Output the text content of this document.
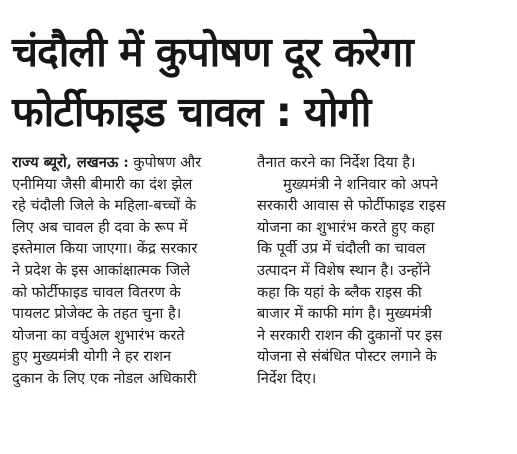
चंदौली में कुपोषण दूर करेगा
फोर्टीफाइड चावल : योगी
राज्य ब्यूरो, लखनऊ : कुपोषण और
एनीमिया जैसी बीमारी का दंश झेल
रहे चंदौली जिले के महिला-बच्चों के
लिए अब चावल ही दवा के रूप में
इस्तेमाल किया जाएगा। केंद्र सरकार
ने प्रदेश के इस आकांक्षात्मक जिले
को फोर्टीफाइड चावल वितरण के
पायलट प्रोजेक्ट के तहत चुना है।
योजना का वर्चुअल शुभारंभ करते
हुए मुख्यमंत्री योगी ने हर राशन
दुकान के लिए एक नोडल अधिकारी
तैनात करने का निर्देश दिया है।
मुख्यमंत्री ने शनिवार को अपने
सरकारी आवास से फोर्टीफाइड राइस
योजना का शुभारंभ करते हुए कहा
कि पूर्वी उप्र में चंदौली का चावल
उत्पादन में विशेष स्थान है। उन्होंने
कहा कि यहां के ब्लैक राइस की
बाजार में काफी मांग है। मुख्यमंत्री
ने सरकारी राशन की दुकानों पर इस
योजना से संबंधित पोस्टर लगाने के
निर्देश दिए।
